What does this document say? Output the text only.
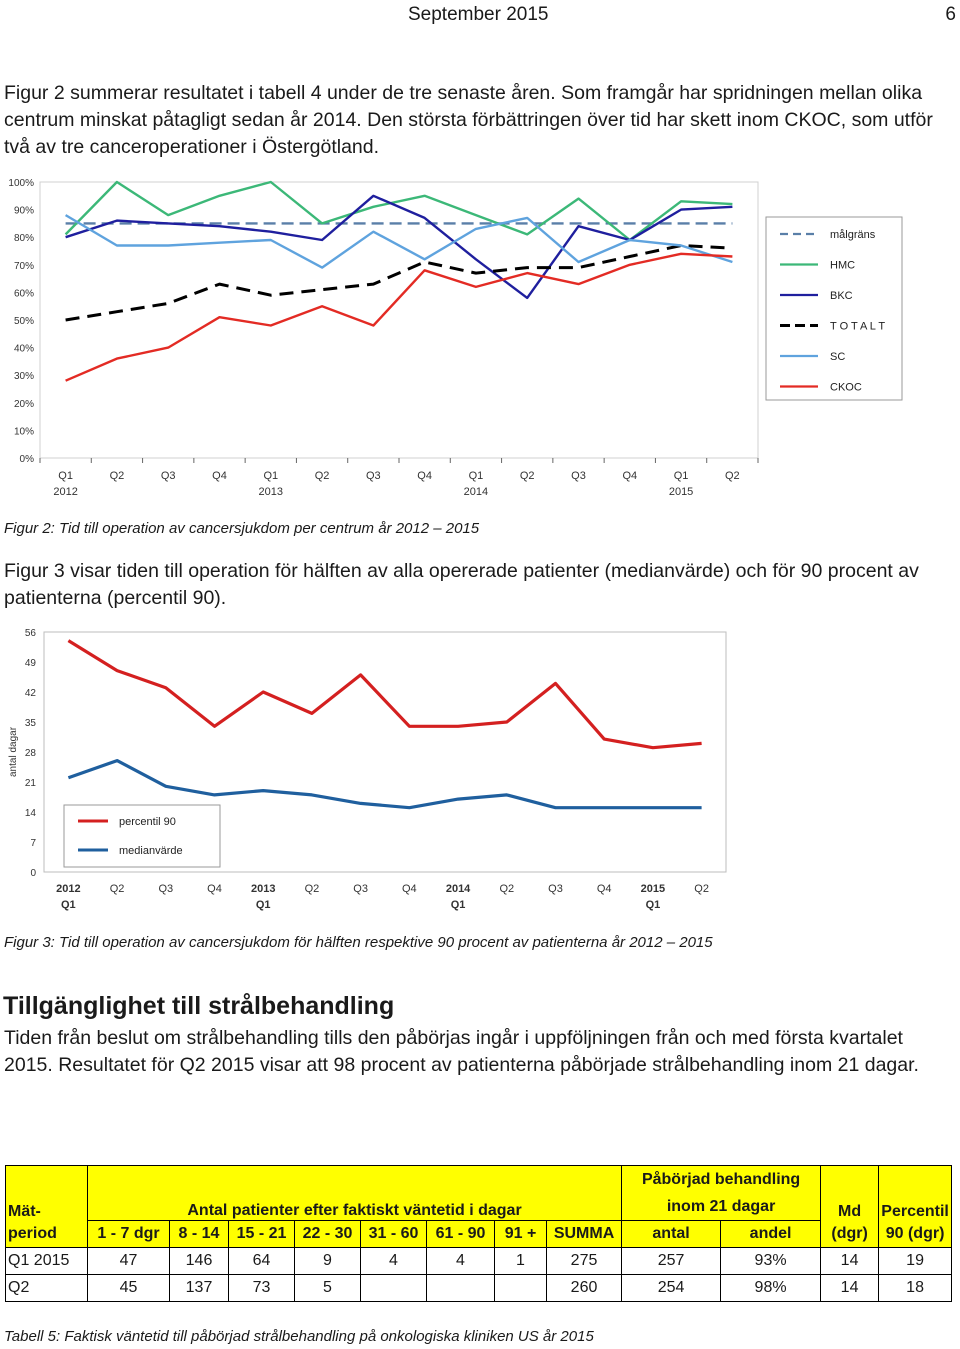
September 2015	6

Figur 2 summerar resultatet i tabell 4 under de tre senaste åren. Som framgår har spridningen mellan olika centrum minskat påtagligt sedan år 2014. Den största förbättringen över tid har skett inom CKOC, som utför två av tre canceroperationer i Östergötland.

0%
10%
20%
30%
40%
50%
60%
70%
80%
90%
100%
Q1
2012
Q2	Q3	Q4	Q1
2013
Q2	Q3	Q4	Q1
2014
Q2	Q3	Q4	Q1
2015
Q2
målgräns
HMC
BKC
T O T A L T
SC
CKOC

Figur 2: Tid till operation av cancersjukdom per centrum år 2012 – 2015

Figur 3 visar tiden till operation för hälften av alla opererade patienter (medianvärde) och för 90 procent av patienterna (percentil 90).

0
7
14
21
28
35
42
49
56
antal dagar
2012
Q1
Q2	Q3	Q4	2013
Q1
Q2	Q3	Q4	2014
Q1
Q2	Q3	Q4	2015
Q1
Q2
percentil 90
medianvärde

Figur 3: Tid till operation av cancersjukdom för hälften respektive 90 procent av patienterna år 2012 – 2015

Tillgänglighet till strålbehandling

Tiden från beslut om strålbehandling tills den påbörjas ingår i uppföljningen från och med första kvartalet 2015. Resultatet för Q2 2015 visar att 98 procent av patienterna påbörjade strålbehandling inom 21 dagar.

Mät-	Antal patienter efter faktiskt väntetid i dagar								Påbörjad behandling
inom 21 dagar		Md	Percentil
period	1 - 7 dgr	8 - 14	15 - 21	22 - 30	31 - 60	61 - 90	91 +	SUMMA	antal	andel	(dgr)	90 (dgr)
Q1 2015	47	146	64	9	4	4	1	275	257	93%	14	19
Q2	45	137	73	5				260	254	98%	14	18

Tabell 5: Faktisk väntetid till påbörjad strålbehandling på onkologiska kliniken US år 2015
